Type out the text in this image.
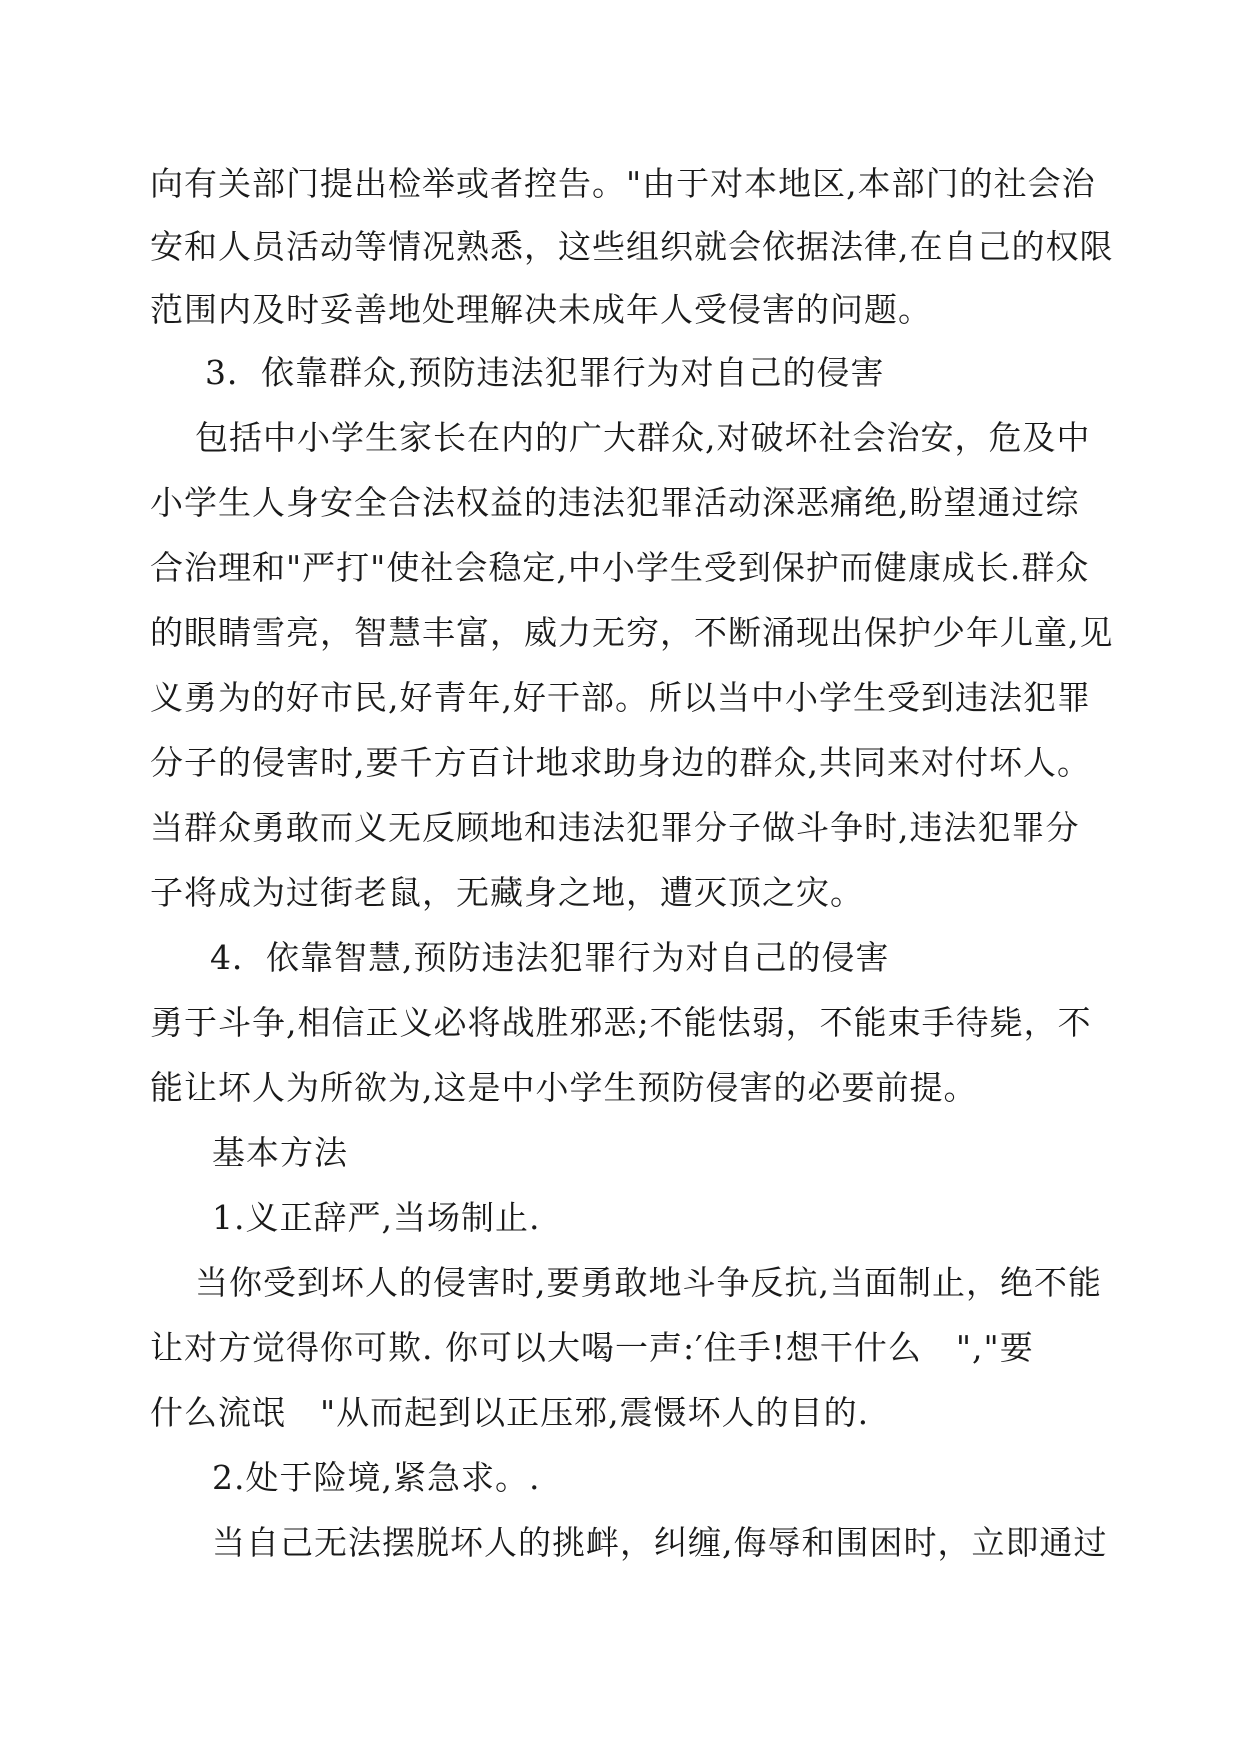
向有关部门提出检举或者控告。"由于对本地区,本部门的社会治
安和人员活动等情况熟悉，这些组织就会依据法律,在自己的权限
范围内及时妥善地处理解决未成年人受侵害的问题。
3．依靠群众,预防违法犯罪行为对自己的侵害
包括中小学生家长在内的广大群众,对破坏社会治安，危及中
小学生人身安全合法权益的违法犯罪活动深恶痛绝,盼望通过综
合治理和"严打"使社会稳定,中小学生受到保护而健康成长.群众
的眼睛雪亮，智慧丰富，威力无穷，不断涌现出保护少年儿童,见
义勇为的好市民,好青年,好干部。所以当中小学生受到违法犯罪
分子的侵害时,要千方百计地求助身边的群众,共同来对付坏人。
当群众勇敢而义无反顾地和违法犯罪分子做斗争时,违法犯罪分
子将成为过街老鼠，无藏身之地，遭灭顶之灾。
4．依靠智慧,预防违法犯罪行为对自己的侵害
勇于斗争,相信正义必将战胜邪恶;不能怯弱，不能束手待毙，不
能让坏人为所欲为,这是中小学生预防侵害的必要前提。
基本方法
1.义正辞严,当场制止.
当你受到坏人的侵害时,要勇敢地斗争反抗,当面制止，绝不能
让对方觉得你可欺. 你可以大喝一声:′住手!想干什么　","要
什么流氓　"从而起到以正压邪,震慑坏人的目的.
2.处于险境,紧急求。.
当自己无法摆脱坏人的挑衅，纠缠,侮辱和围困时，立即通过
